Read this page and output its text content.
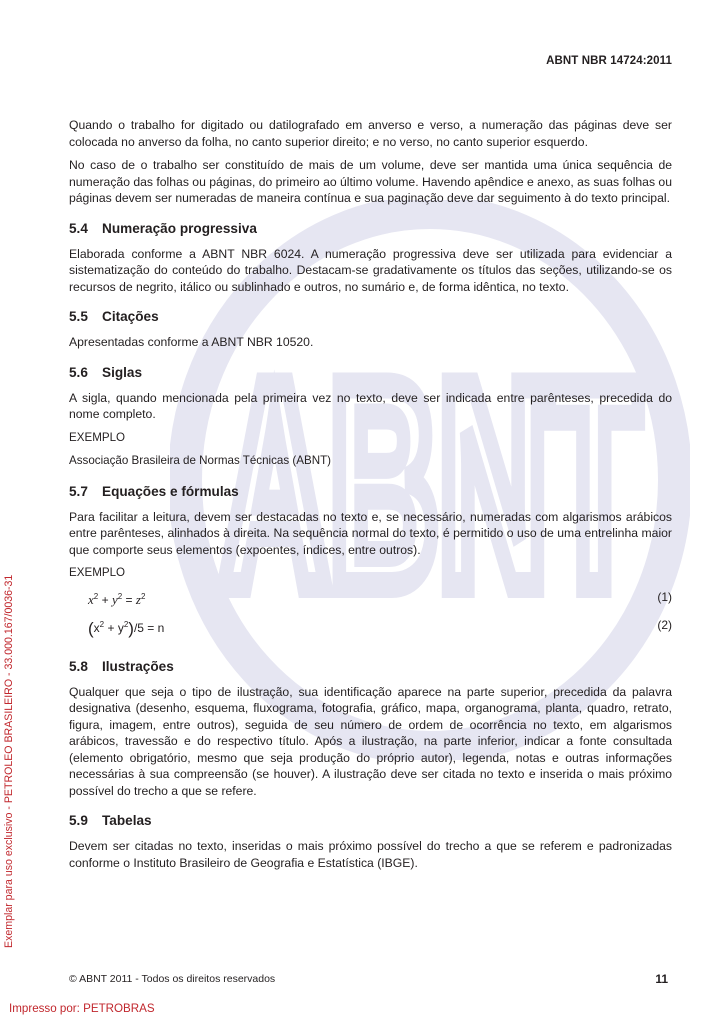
ABNT
ABNT NBR 14724:2011

Quando o trabalho for digitado ou datilografado em anverso e verso, a numeração das páginas deve ser colocada no anverso da folha, no canto superior direito; e no verso, no canto superior esquerdo.

No caso de o trabalho ser constituído de mais de um volume, deve ser mantida uma única sequência de numeração das folhas ou páginas, do primeiro ao último volume. Havendo apêndice e anexo, as suas folhas ou páginas devem ser numeradas de maneira contínua e sua paginação deve dar seguimento à do texto principal.

5.4 Numeração progressiva

Elaborada conforme a ABNT NBR 6024. A numeração progressiva deve ser utilizada para evidenciar a sistematização do conteúdo do trabalho. Destacam-se gradativamente os títulos das seções, utilizando-se os recursos de negrito, itálico ou sublinhado e outros, no sumário e, de forma idêntica, no texto.

5.5 Citações

Apresentadas conforme a ABNT NBR 10520.

5.6 Siglas

A sigla, quando mencionada pela primeira vez no texto, deve ser indicada entre parênteses, precedida do nome completo.

EXEMPLO

Associação Brasileira de Normas Técnicas (ABNT)

5.7 Equações e fórmulas

Para facilitar a leitura, devem ser destacadas no texto e, se necessário, numeradas com algarismos arábicos entre parênteses, alinhados à direita. Na sequência normal do texto, é permitido o uso de uma entrelinha maior que comporte seus elementos (expoentes, índices, entre outros).

EXEMPLO
$x^2 + y^2 = z^2$	(1)
$(x^2 + y^2)/5 = n$	(2)
5.8 Ilustrações

Qualquer que seja o tipo de ilustração, sua identificação aparece na parte superior, precedida da palavra designativa (desenho, esquema, fluxograma, fotografia, gráfico, mapa, organograma, planta, quadro, retrato, figura, imagem, entre outros), seguida de seu número de ordem de ocorrência no texto, em algarismos arábicos, travessão e do respectivo título. Após a ilustração, na parte inferior, indicar a fonte consultada (elemento obrigatório, mesmo que seja produção do próprio autor), legenda, notas e outras informações necessárias à sua compreensão (se houver). A ilustração deve ser citada no texto e inserida o mais próximo possível do trecho a que se refere.

5.9 Tabelas

Devem ser citadas no texto, inseridas o mais próximo possível do trecho a que se referem e padronizadas conforme o Instituto Brasileiro de Geografia e Estatística (IBGE).

© ABNT 2011 - Todos os direitos reservados	11
Exemplar para uso exclusivo - PETROLEO BRASILEIRO - 33.000.167/0036-31
Impresso por: PETROBRAS
